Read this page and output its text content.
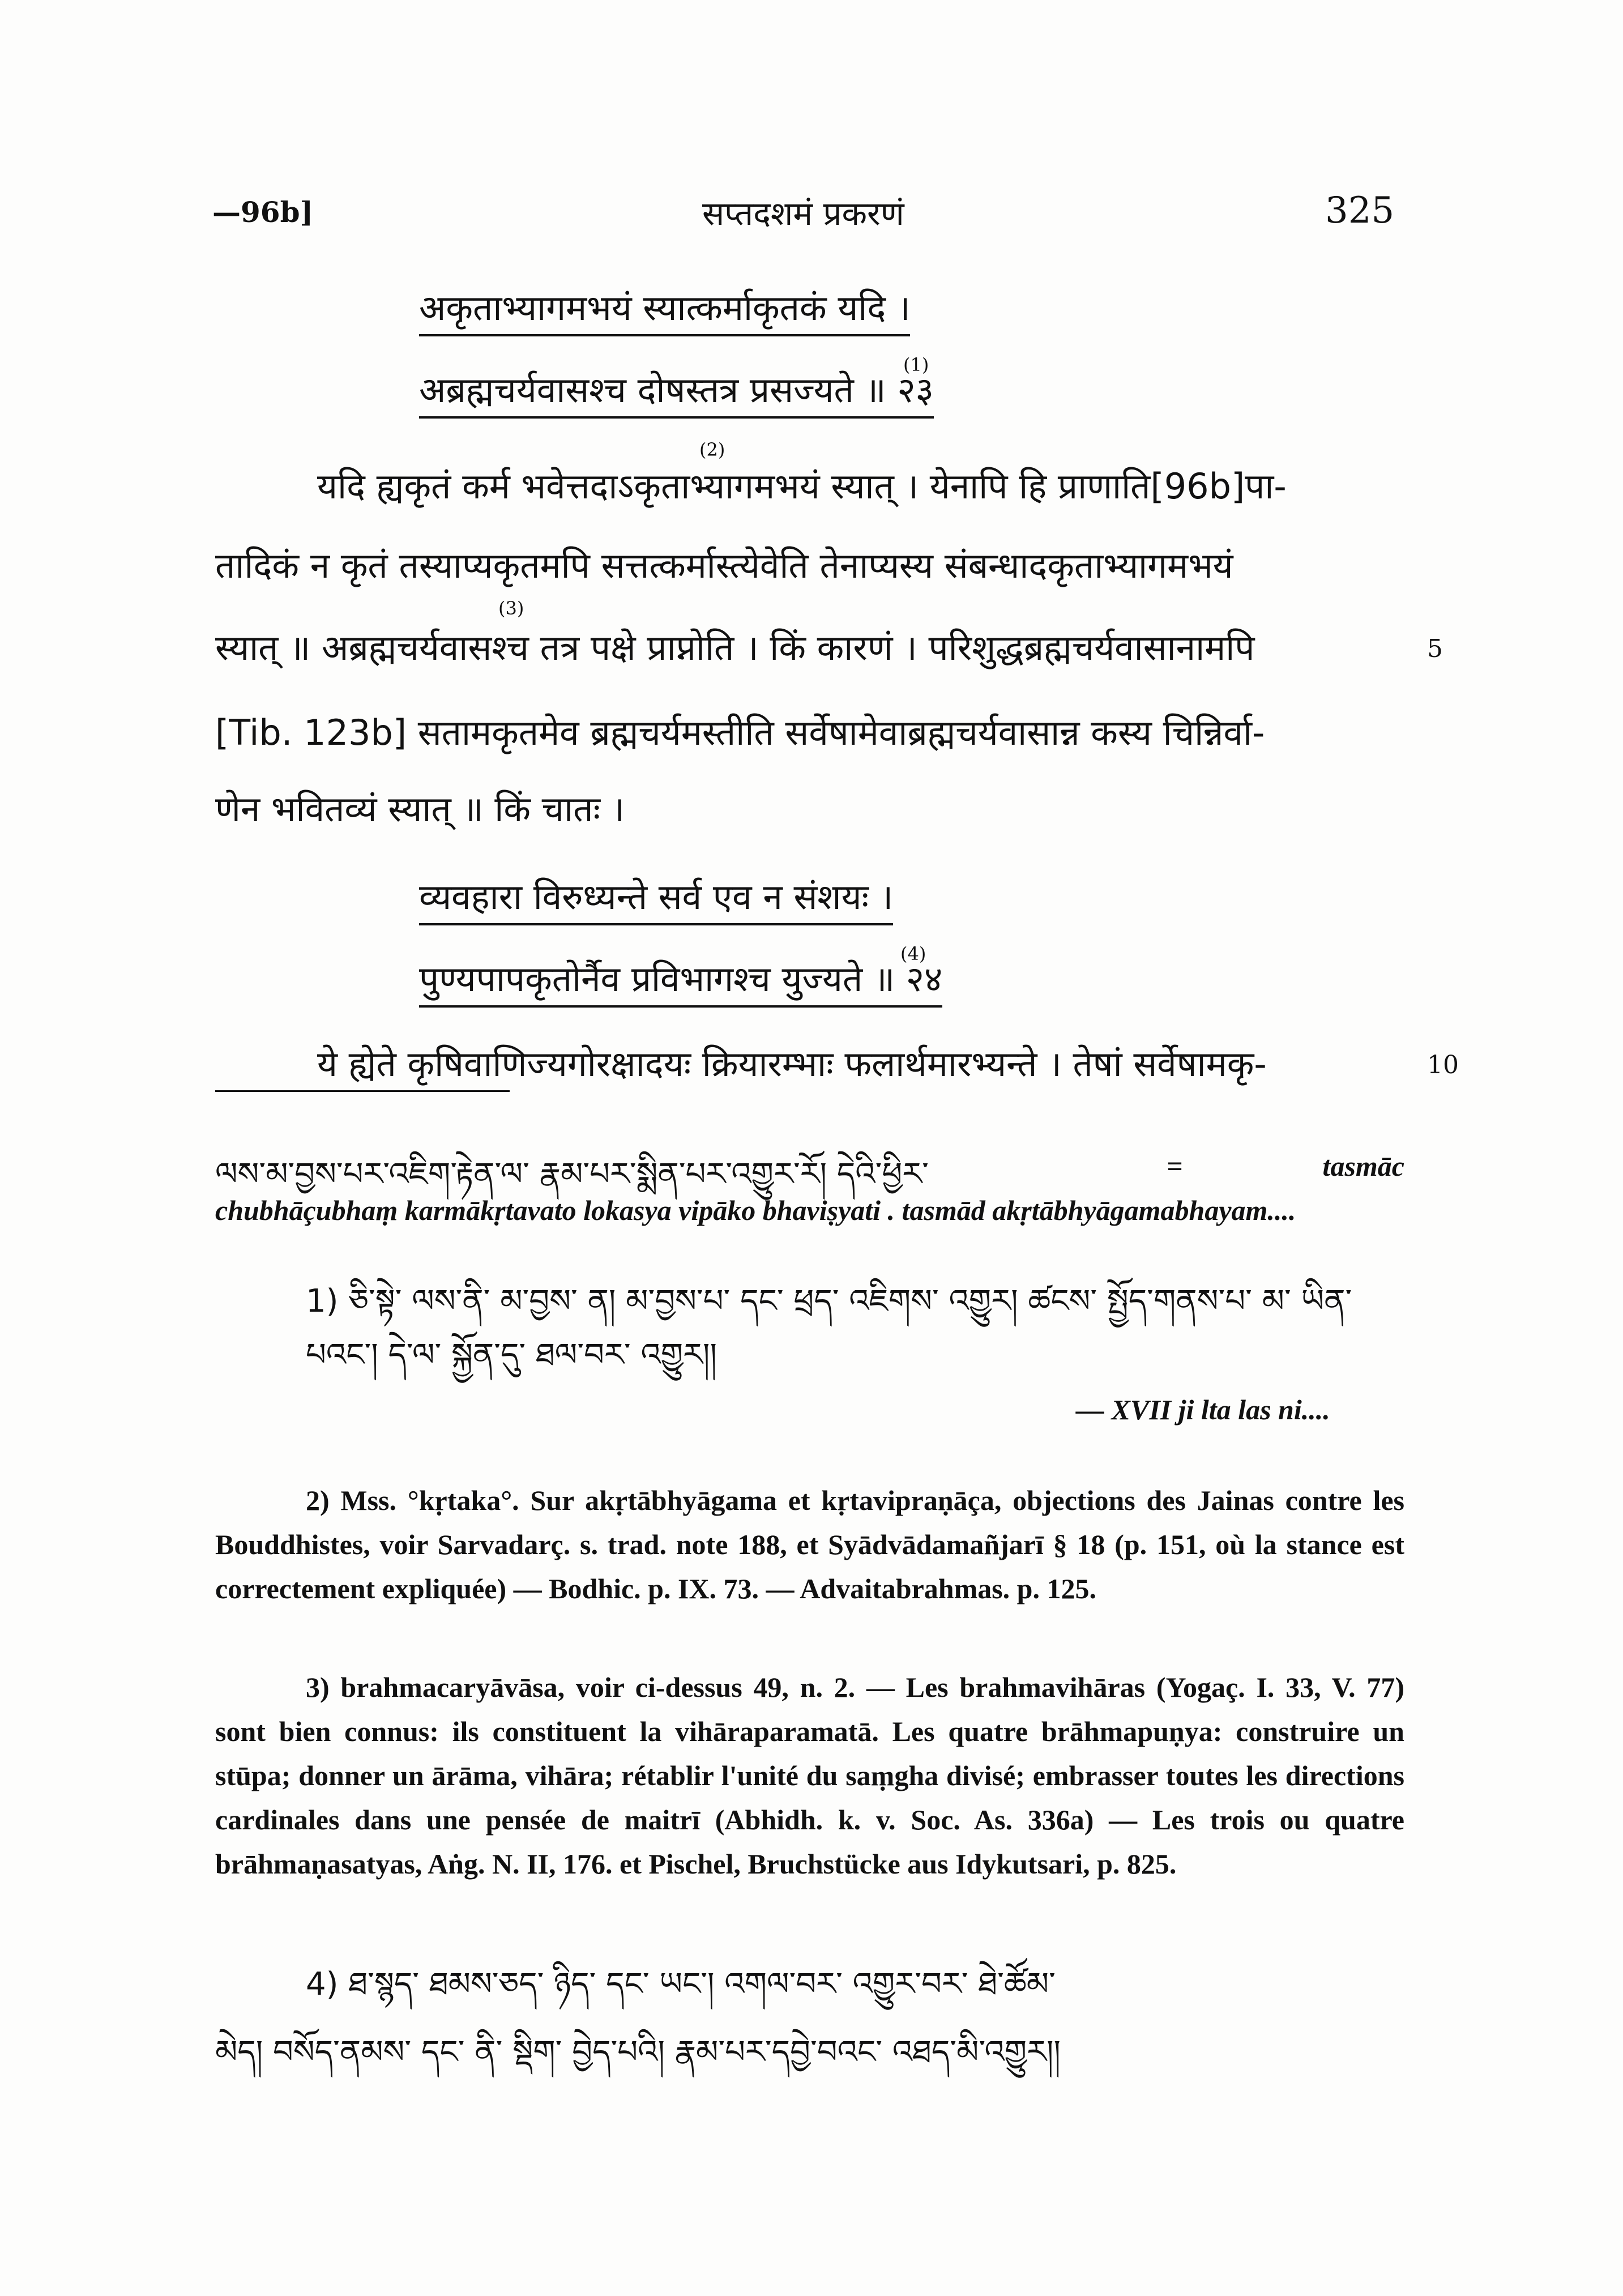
—96b]	सप्तदशमं प्रकरणं	325
अकृताभ्यागमभयं स्यात्कर्माकृतकं यदि ।
अब्रह्मचर्यवासश्च दोषस्तत्र प्रसज्यते ॥ २३
(1)
(2)
यदि ह्यकृतं कर्म भवेत्तदाऽकृताभ्यागमभयं स्यात् । येनापि हि प्राणाति[96b]पा-
तादिकं न कृतं तस्याप्यकृतमपि सत्तत्कर्मास्त्येवेति तेनाप्यस्य संबन्धादकृताभ्यागमभयं
(3)
स्यात् ॥ अब्रह्मचर्यवासश्च तत्र पक्षे प्राप्नोति । किं कारणं । परिशुद्धब्रह्मचर्यवासानामपि	5
[Tib. 123b] सतामकृतमेव ब्रह्मचर्यमस्तीति सर्वेषामेवाब्रह्मचर्यवासान्न कस्य चिन्निर्वा-
णेन भवितव्यं स्यात् ॥ किं चातः ।
व्यवहारा विरुध्यन्ते सर्व एव न संशयः ।
पुण्यपापकृतोर्नैव प्रविभागश्च युज्यते ॥ २४
(4)
ये ह्येते कृषिवाणिज्यगोरक्षादयः क्रियारम्भाः फलार्थमारभ्यन्ते । तेषां सर्वेषामकृ-	10
ལས་མ་བྱས་པར་འཇིག་རྟེན་ལ་ རྣམ་པར་སྨིན་པར་འགྱུར་རོ། དེའི་ཕྱིར་	= tasmāc chubhāçubhaṃ karmākṛtavato lokasya vipāko bhaviṣyati . tasmād akṛtābhyāgamabhayam....
1) ཅི་སྟེ་ ལས་ནི་ མ་བྱས་ ན། མ་བྱས་པ་ དང་ ཕྲད་ འཇིགས་ འགྱུར། ཚངས་ སྤྱོད་གནས་པ་ མ་ ཡིན་པའང་། དེ་ལ་ སྐྱོན་དུ་ ཐལ་བར་ འགྱུར།།
— XVII ji lta las ni....
2) Mss. °kṛtaka°. Sur akṛtābhyāgama et kṛtavipraṇāça, objections des Jainas contre les Bouddhistes, voir Sarvadarç. s. trad. note 188, et Syādvādamañjarī § 18 (p. 151, où la stance est correctement expliquée) — Bodhic. p. IX. 73. — Advaitabrahmas. p. 125.
3) brahmacaryāvāsa, voir ci-dessus 49, n. 2. — Les brahmavihāras (Yogaç. I. 33, V. 77) sont bien connus: ils constituent la vihāraparamatā. Les quatre brāhmapuṇya: construire un stūpa; donner un ārāma, vihāra; rétablir l'unité du saṃgha divisé; embrasser toutes les directions cardinales dans une pensée de maitrī (Abhidh. k. v. Soc. As. 336a) — Les trois ou quatre brāhmaṇasatyas, Aṅg. N. II, 176. et Pischel, Bruchstücke aus Idykutsari, p. 825.
4) ཐ་སྙད་ ཐམས་ཅད་ ཉིད་ དང་ ཡང་། འགལ་བར་ འགྱུར་བར་ ཐེ་ཚོམ་
མེད། བསོད་ནམས་ དང་ ནི་ སྡིག་ བྱེད་པའི། རྣམ་པར་དབྱེ་བའང་ འཐད་མི་འགྱུར།།
